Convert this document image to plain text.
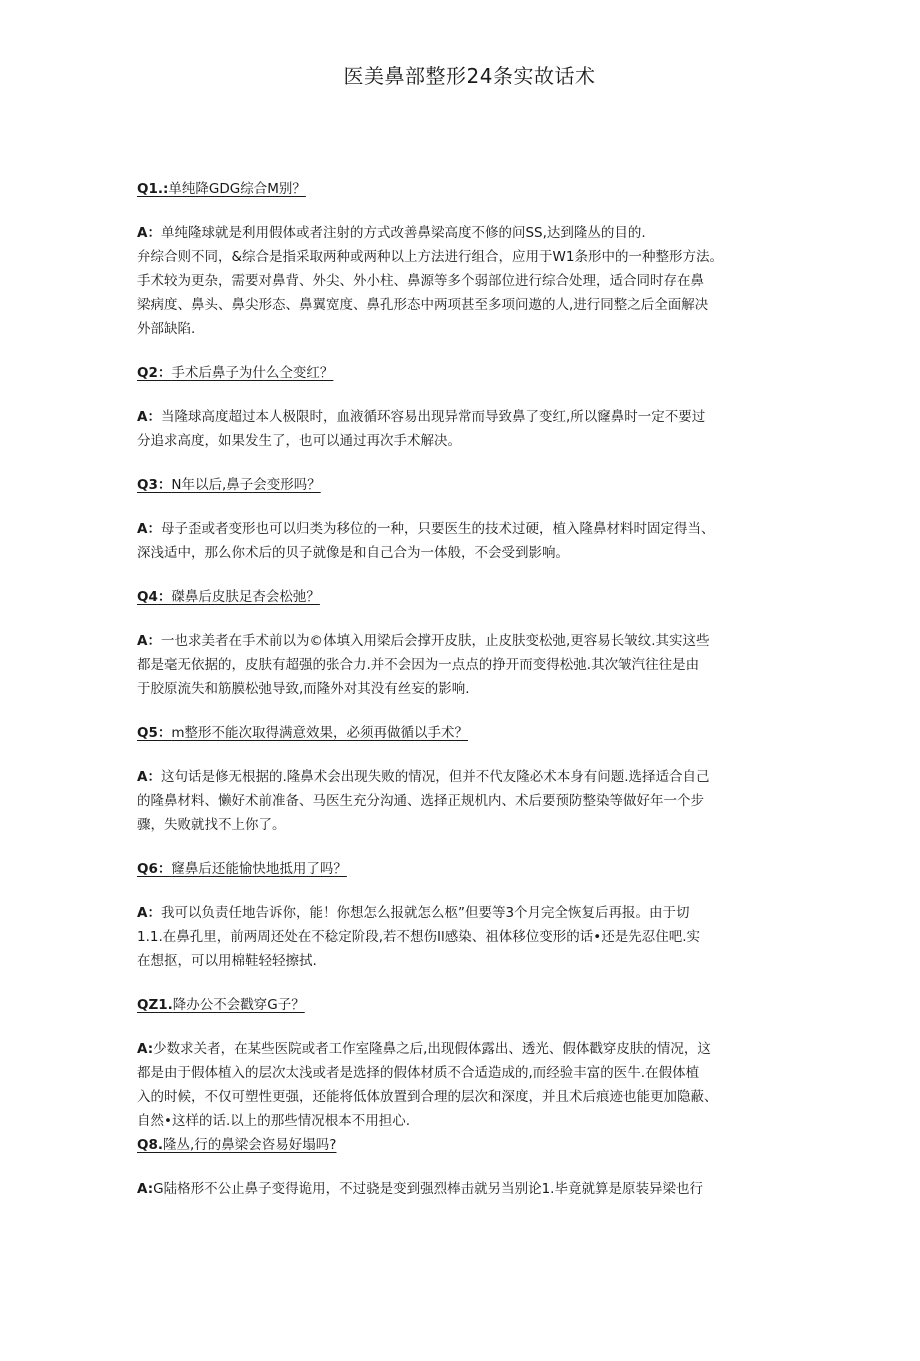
医美鼻部整形24条实故话术

Q1.:单纯降GDG综合M别？

A：单纯隆球就是利用假体或者注射的方式改善鼻梁高度不修的问SS,达到隆丛的目的.
弁综合则不同，&综合是指采取两种或两种以上方法进行组合，应用于W1条形中的一种整形方法。
手术较为更杂，需要对鼻背、外尖、外小柱、鼻源等多个弱部位进行综合处理，适合同时存在鼻
梁病度、鼻头、鼻尖形态、鼻翼宽度、鼻孔形态中两项甚至多项问遨的人,进行同整之后全面解决
外部缺陷.

Q2：手术后鼻子为什么仝变红？

A：当隆球高度超过本人极限时，血液循环容易出现异常而导致鼻了变红,所以窿鼻时一定不要过
分追求高度，如果发生了，也可以通过再次手术解决。

Q3：N年以后,鼻子会变形吗？

A：母子歪或者变形也可以归类为移位的一种，只要医生的技术过硬，植入隆鼻材料时固定得当、
深浅适中，那么你术后的贝子就像是和自己合为一体般，不会受到影响。

Q4：磔鼻后皮肤足杏会松弛？

A：一也求美者在手术前以为©体填入用梁后会撑开皮肤，止皮肤变松弛,更容易长皱纹.其实这些
都是毫无依据的，皮肤有超强的张合力.并不会因为一点点的挣开而变得松弛.其次皱汽往往是由
于胶原流失和筋膜松弛导致,而隆外对其没有丝妄的影响.

Q5：m整形不能次取得满意效果，必须再做循以手术？

A：这句话是修无根据的.隆鼻术会出现失败的情况，但并不代友隆必术本身有问题.选择适合自己
的隆鼻材料、懒好术前准备、马医生充分沟通、选择正规机内、术后要预防整染等做好年一个步
骤，失败就找不上你了。

Q6：窿鼻后还能愉快地抵用了吗？

A：我可以负责任地告诉你，能！你想怎么报就怎么柩”但要等3个月完全恢复后再报。由于切
1.1.在鼻孔里，前两周还处在不稔定阶段,若不想伤Il感染、祖体移位变形的话•还是先忍住吧.实
在想抠，可以用棉鞋轻轻擦拭.

QZ1.降办公不会戳穿G子？

A:少数求关者，在某些医院或者工作室隆鼻之后,出现假体露出、透光、假体戳穿皮肤的情况，这
都是由于假体植入的层次太浅或者是选择的假体材质不合适造成的,而经验丰富的医牛.在假体植
入的时候，不仅可塑性更强，还能将低体放置到合理的层次和深度，并且术后痕迹也能更加隐蔽、
自然•这样的话.以上的那些情况根本不用担心.

Q8.隆丛,行的鼻梁会咨易好塌吗?

A:G陆格形不公止鼻子变得诡用，不过骁是变到强烈棒击就另当别论1.毕竟就算是原装异梁也行
